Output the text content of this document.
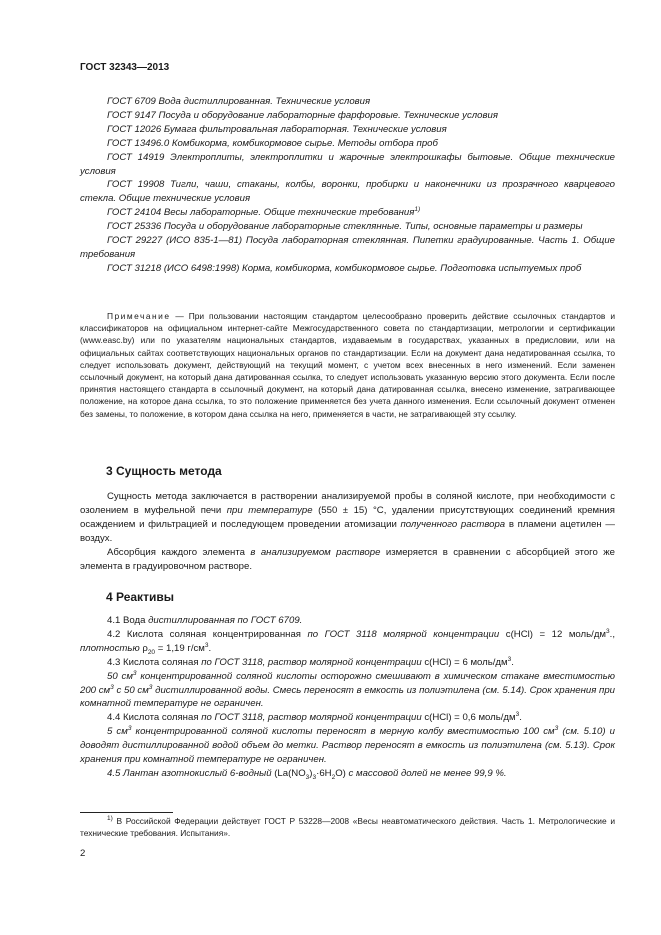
ГОСТ 32343—2013

ГОСТ 6709 Вода дистиллированная. Технические условия

ГОСТ 9147 Посуда и оборудование лабораторные фарфоровые. Технические условия

ГОСТ 12026 Бумага фильтровальная лабораторная. Технические условия

ГОСТ 13496.0 Комбикорма, комбикормовое сырье. Методы отбора проб

ГОСТ 14919 Электроплиты, электроплитки и жарочные электрошкафы бытовые. Общие технические условия

ГОСТ 19908 Тигли, чаши, стаканы, колбы, воронки, пробирки и наконечники из прозрачного кварцевого стекла. Общие технические условия

ГОСТ 24104 Весы лабораторные. Общие технические требования$^{1)}$

ГОСТ 25336 Посуда и оборудование лабораторные стеклянные. Типы, основные параметры и размеры

ГОСТ 29227 (ИСО 835-1—81) Посуда лабораторная стеклянная. Пипетки градуированные. Часть 1. Общие требования

ГОСТ 31218 (ИСО 6498:1998) Корма, комбикорма, комбикормовое сырье. Подготовка испытуемых проб

Примечание — При пользовании настоящим стандартом целесообразно проверить действие ссылочных стандартов и классификаторов на официальном интернет-сайте Межгосударственного совета по стандартизации, метрологии и сертификации (www.easc.by) или по указателям национальных стандартов, издаваемым в государствах, указанных в предисловии, или на официальных сайтах соответствующих национальных органов по стандартизации. Если на документ дана недатированная ссылка, то следует использовать документ, действующий на текущий момент, с учетом всех внесенных в него изменений. Если заменен ссылочный документ, на который дана датированная ссылка, то следует использовать указанную версию этого документа. Если после принятия настоящего стандарта в ссылочный документ, на который дана датированная ссылка, внесено изменение, затрагивающее положение, на которое дана ссылка, то это положение применяется без учета данного изменения. Если ссылочный документ отменен без замены, то положение, в котором дана ссылка на него, применяется в части, не затрагивающей эту ссылку.

3 Сущность метода

Сущность метода заключается в растворении анализируемой пробы в соляной кислоте, при необходимости с озолением в муфельной печи при температуре (550 ± 15) °С, удалении присутствующих соединений кремния осаждением и фильтрацией и последующем проведении атомизации полученного раствора в пламени ацетилен — воздух.

Абсорбция каждого элемента в анализируемом растворе измеряется в сравнении с абсорбцией этого же элемента в градуировочном растворе.

4 Реактивы

4.1 Вода дистиллированная по ГОСТ 6709.

4.2 Кислота соляная концентрированная по ГОСТ 3118 молярной концентрации с(HCl) = 12 моль/$дм^3$., плотностью $\rho_{20} = 1,19$ $г/см^3$.

4.3 Кислота соляная по ГОСТ 3118, раствор молярной концентрации с(HCl) = 6 моль/$дм^3$.

50 $см^3$ концентрированной соляной кислоты осторожно смешивают в химическом стакане вместимостью 200 $см^3$ с 50 $см^3$ дистиллированной воды. Смесь переносят в емкость из полиэтилена (см. 5.14). Срок хранения при комнатной температуре не ограничен.

4.4 Кислота соляная по ГОСТ 3118, раствор молярной концентрации с(HCl) = 0,6 моль/$дм^3$.

5 $см^3$ концентрированной соляной кислоты переносят в мерную колбу вместимостью 100 $см^3$ (см. 5.10) и доводят дистиллированной водой объем до метки. Раствор переносят в емкость из полиэтилена (см. 5.13). Срок хранения при комнатной температуре не ограничен.

4.5 Лантан азотнокислый 6-водный $(La(NO_3)_3\cdot 6H_2O)$ с массовой долей не менее 99,9 %.

$^{1)}$ В Российской Федерации действует ГОСТ Р 53228—2008 «Весы неавтоматического действия. Часть 1. Метрологические и технические требования. Испытания».

2
